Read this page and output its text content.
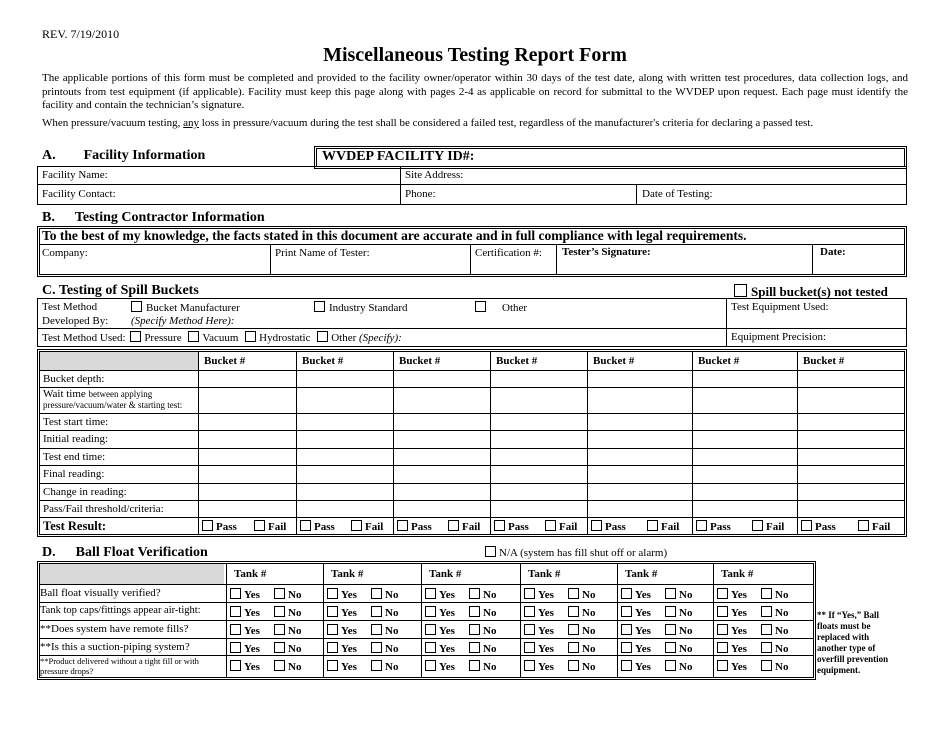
REV. 7/19/2010
Miscellaneous Testing Report Form
The applicable portions of this form must be completed and provided to the facility owner/operator within 30 days of the test date, along with written test procedures, data collection logs, and printouts from test equipment (if applicable). Facility must keep this page along with pages 2-4 as applicable on record for submittal to the WVDEP upon request. Each page must identify the facility and contain the technician’s signature.
When pressure/vacuum testing, any loss in pressure/vacuum during the test shall be considered a failed test, regardless of the manufacturer's criteria for declaring a passed test.
A. Facility Information	WVDEP FACILITY ID#:
Facility Name:	Site Address:
Facility Contact:	Phone:	Date of Testing:
B. Testing Contractor Information
To the best of my knowledge, the facts stated in this document are accurate and in full compliance with legal requirements.
Company:	Print Name of Tester:	Certification #: Tester’s Signature:	Date:
C. Testing of Spill Buckets	Spill bucket(s) not tested
Test Method
Developed By:
Bucket Manufacturer	Industry Standard	Other
(Specify Method Here):
Test Equipment Used:
Test Method Used: Pressure Vacuum Hydrostatic Other (Specify):	Equipment Precision:
Bucket #	Bucket #	Bucket #	Bucket #	Bucket #	Bucket #	Bucket #
Bucket depth:
Wait time between applying
pressure/vacuum/water & starting test:
Test start time:
Initial reading:
Test end time:
Final reading:
Change in reading:
Pass/Fail threshold/criteria:
Test Result:	Pass	Fail	Pass	Fail	Pass	Fail	Pass	Fail	Pass	Fail	Pass	Fail	Pass	Fail
D. Ball Float Verification	N/A (system has fill shut off or alarm)
Tank #	Tank #	Tank #	Tank #	Tank #	Tank #
Ball float visually verified?	Yes	No	Yes	No	Yes	No	Yes	No	Yes	No	Yes	No
Tank top caps/fittings appear air-tight:	Yes	No	Yes	No	Yes	No	Yes	No	Yes	No	Yes	No
**Does system have remote fills?	Yes	No	Yes	No	Yes	No	Yes	No	Yes	No	Yes	No
**Is this a suction-piping system?	Yes	No	Yes	No	Yes	No	Yes	No	Yes	No	Yes	No
**Product delivered without a tight fill or with pressure drops?	Yes	No	Yes	No	Yes	No	Yes	No	Yes	No	Yes	No
** If “Yes,” Ball floats must be replaced with another type of overfill prevention equipment.
